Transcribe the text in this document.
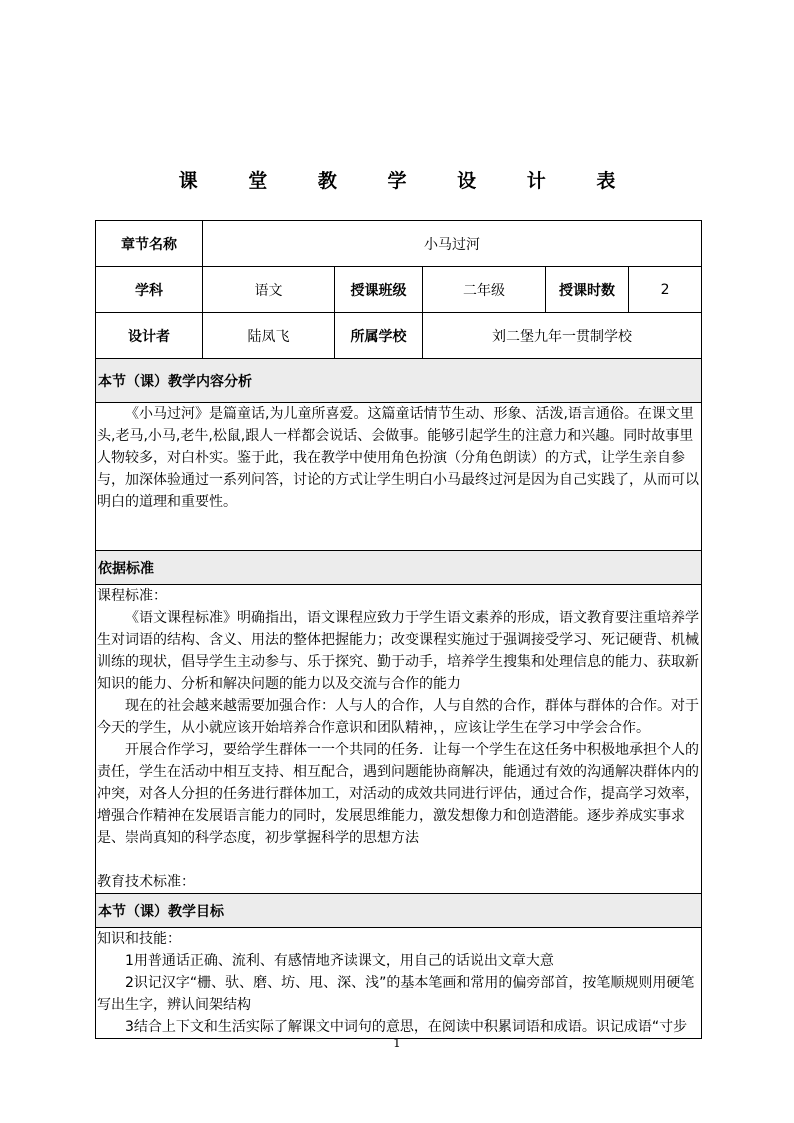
课 堂 教 学 设 计 表
章节名称	小马过河				
学科	语文	授课班级	二年级	授课时数	2
设计者	陆凤飞	所属学校	刘二堡九年一贯制学校		
本节（课）教学内容分析					

《小马过河》是篇童话,为儿童所喜爱。这篇童话情节生动、形象、活泼,语言通俗。在课文里头,老马,小马,老牛,松鼠,跟人一样都会说话、会做事。能够引起学生的注意力和兴趣。同时故事里人物较多，对白朴实。鉴于此，我在教学中使用角色扮演（分角色朗读）的方式，让学生亲自参与，加深体验通过一系列问答，讨论的方式让学生明白小马最终过河是因为自己实践了，从而可以明白的道理和重要性。					

依据标准					

课程标准：

《语文课程标准》明确指出，语文课程应致力于学生语文素养的形成，语文教育要注重培养学生对词语的结构、含义、用法的整体把握能力；改变课程实施过于强调接受学习、死记硬背、机械训练的现状，倡导学生主动参与、乐于探究、勤于动手，培养学生搜集和处理信息的能力、获取新知识的能力、分析和解决问题的能力以及交流与合作的能力

现在的社会越来越需要加强合作：人与人的合作，人与自然的合作，群体与群体的合作。对于今天的学生，从小就应该开始培养合作意识和团队精神，，应该让学生在学习中学会合作。

开展合作学习，要给学生群体一一个共同的任务．让每一个学生在这任务中积极地承担个人的责任，学生在活动中相互支持、相互配合，遇到问题能协商解决，能通过有效的沟通解决群体内的冲突，对各人分担的任务进行群体加工，对活动的成效共同进行评估，通过合作，提高学习效率，增强合作精神在发展语言能力的同时，发展思维能力，激发想像力和创造潜能。逐步养成实事求是、崇尚真知的科学态度，初步掌握科学的思想方法

教育技术标准：					

本节（课）教学目标					

知识和技能：

1用普通话正确、流利、有感情地齐读课文，用自己的话说出文章大意

2识记汉字“栅、驮、磨、坊、甩、深、浅”的基本笔画和常用的偏旁部首，按笔顺规则用硬笔写出生字，辨认间架结构

3结合上下文和生活实际了解课文中词句的意思，在阅读中积累词语和成语。识记成语“寸步					

1
